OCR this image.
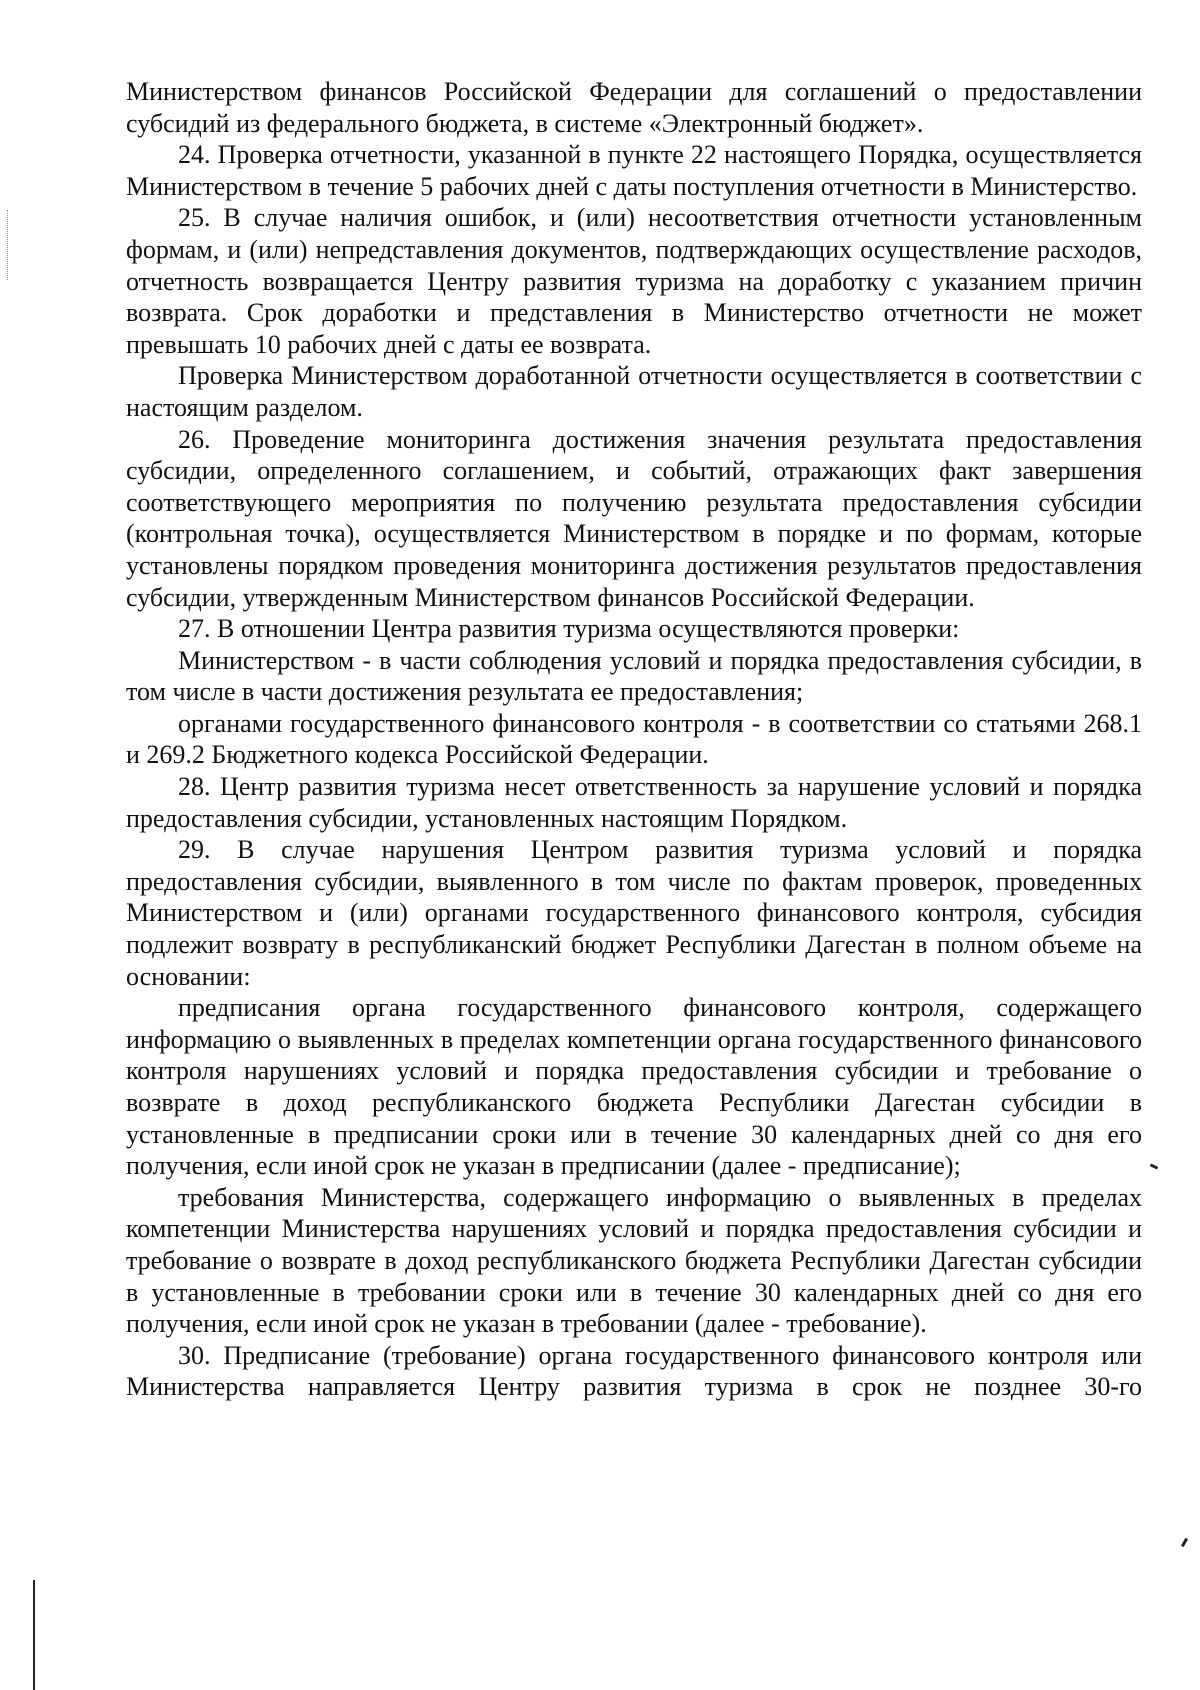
Министерством финансов Российской Федерации для соглашений о предоставлении субсидий из федерального бюджета, в системе «Электронный бюджет».

24. Проверка отчетности, указанной в пункте 22 настоящего Порядка, осуществляется Министерством в течение 5 рабочих дней с даты поступления отчетности в Министерство.

25. В случае наличия ошибок, и (или) несоответствия отчетности установленным формам, и (или) непредставления документов, подтверждающих осуществление расходов, отчетность возвращается Центру развития туризма на доработку с указанием причин возврата. Срок доработки и представления в Министерство отчетности не может превышать 10 рабочих дней с даты ее возврата.

Проверка Министерством доработанной отчетности осуществляется в соответствии с настоящим разделом.

26. Проведение мониторинга достижения значения результата предоставления субсидии, определенного соглашением, и событий, отражающих факт завершения соответствующего мероприятия по получению результата предоставления субсидии (контрольная точка), осуществляется Министерством в порядке и по формам, которые установлены порядком проведения мониторинга достижения результатов предоставления субсидии, утвержденным Министерством финансов Российской Федерации.

27. В отношении Центра развития туризма осуществляются проверки:

Министерством - в части соблюдения условий и порядка предоставления субсидии, в том числе в части достижения результата ее предоставления;

органами государственного финансового контроля - в соответствии со статьями 268.1 и 269.2 Бюджетного кодекса Российской Федерации.

28. Центр развития туризма несет ответственность за нарушение условий и порядка предоставления субсидии, установленных настоящим Порядком.

29. В случае нарушения Центром развития туризма условий и порядка предоставления субсидии, выявленного в том числе по фактам проверок, проведенных Министерством и (или) органами государственного финансового контроля, субсидия подлежит возврату в республиканский бюджет Республики Дагестан в полном объеме на основании:

предписания органа государственного финансового контроля, содержащего информацию о выявленных в пределах компетенции органа государственного финансового контроля нарушениях условий и порядка предоставления субсидии и требование о возврате в доход республиканского бюджета Республики Дагестан субсидии в установленные в предписании сроки или в течение 30 календарных дней со дня его получения, если иной срок не указан в предписании (далее - предписание);

требования Министерства, содержащего информацию о выявленных в пределах компетенции Министерства нарушениях условий и порядка предоставления субсидии и требование о возврате в доход республиканского бюджета Республики Дагестан субсидии в установленные в требовании сроки или в течение 30 календарных дней со дня его получения, если иной срок не указан в требовании (далее - требование).

30. Предписание (требование) органа государственного финансового контроля или Министерства направляется Центру развития туризма в срок не позднее 30-го
